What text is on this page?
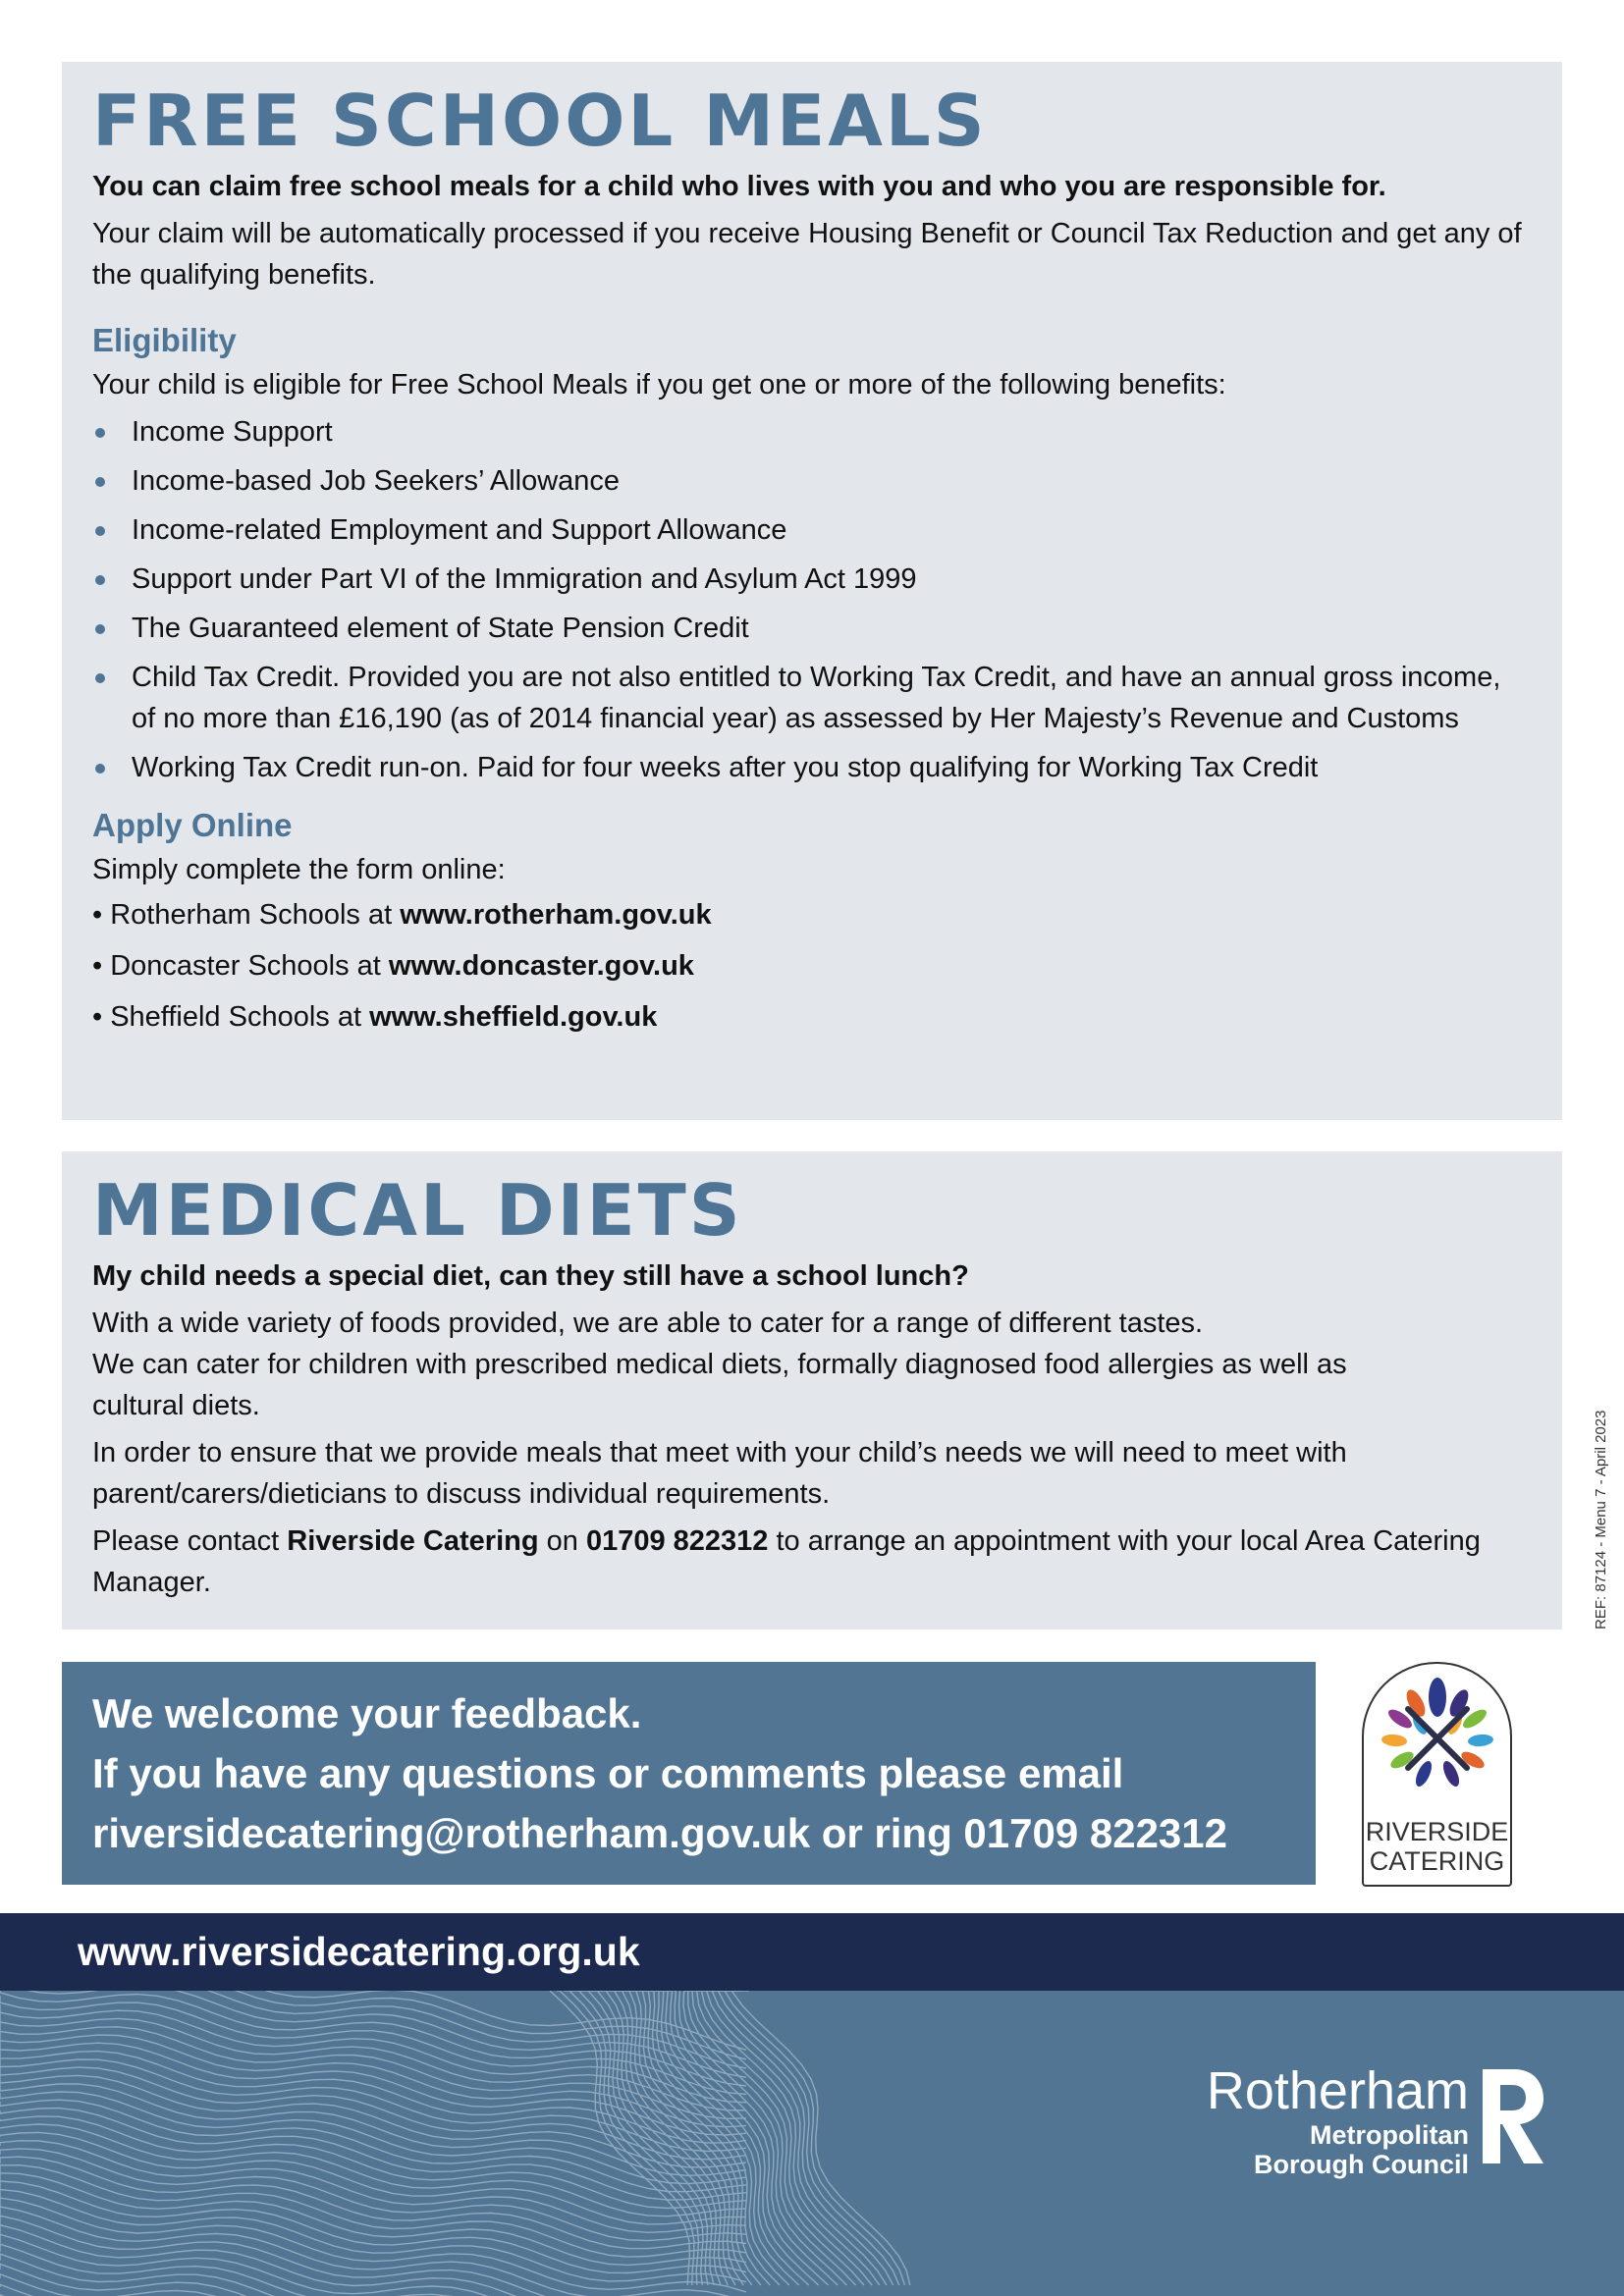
FREE SCHOOL MEALS

You can claim free school meals for a child who lives with you and who you are responsible for.

Your claim will be automatically processed if you receive Housing Benefit or Council Tax Reduction and get any of the qualifying benefits.

Eligibility

Your child is eligible for Free School Meals if you get one or more of the following benefits:

Income Support
Income-based Job Seekers’ Allowance
Income-related Employment and Support Allowance
Support under Part VI of the Immigration and Asylum Act 1999
The Guaranteed element of State Pension Credit
Child Tax Credit. Provided you are not also entitled to Working Tax Credit, and have an annual gross income, of no more than £16,190 (as of 2014 financial year) as assessed by Her Majesty’s Revenue and Customs
Working Tax Credit run-on. Paid for four weeks after you stop qualifying for Working Tax Credit
Apply Online

Simply complete the form online:

• Rotherham Schools at www.rotherham.gov.uk
• Doncaster Schools at www.doncaster.gov.uk
• Sheffield Schools at www.sheffield.gov.uk
MEDICAL DIETS

My child needs a special diet, can they still have a school lunch?

With a wide variety of foods provided, we are able to cater for a range of different tastes.

We can cater for children with prescribed medical diets, formally diagnosed food allergies as well as cultural diets.

In order to ensure that we provide meals that meet with your child’s needs we will need to meet with parent/carers/dieticians to discuss individual requirements.

Please contact Riverside Catering on 01709 822312 to arrange an appointment with your local Area Catering Manager.	REF: 87124 - Menu 7 - April 2023

We welcome your feedback.

If you have any questions or comments please email

riversidecatering@rotherham.gov.uk or ring 01709 822312	RIVERSIDE
CATERING
www.riversidecatering.org.uk
Rotherham
Metropolitan
Borough Council
